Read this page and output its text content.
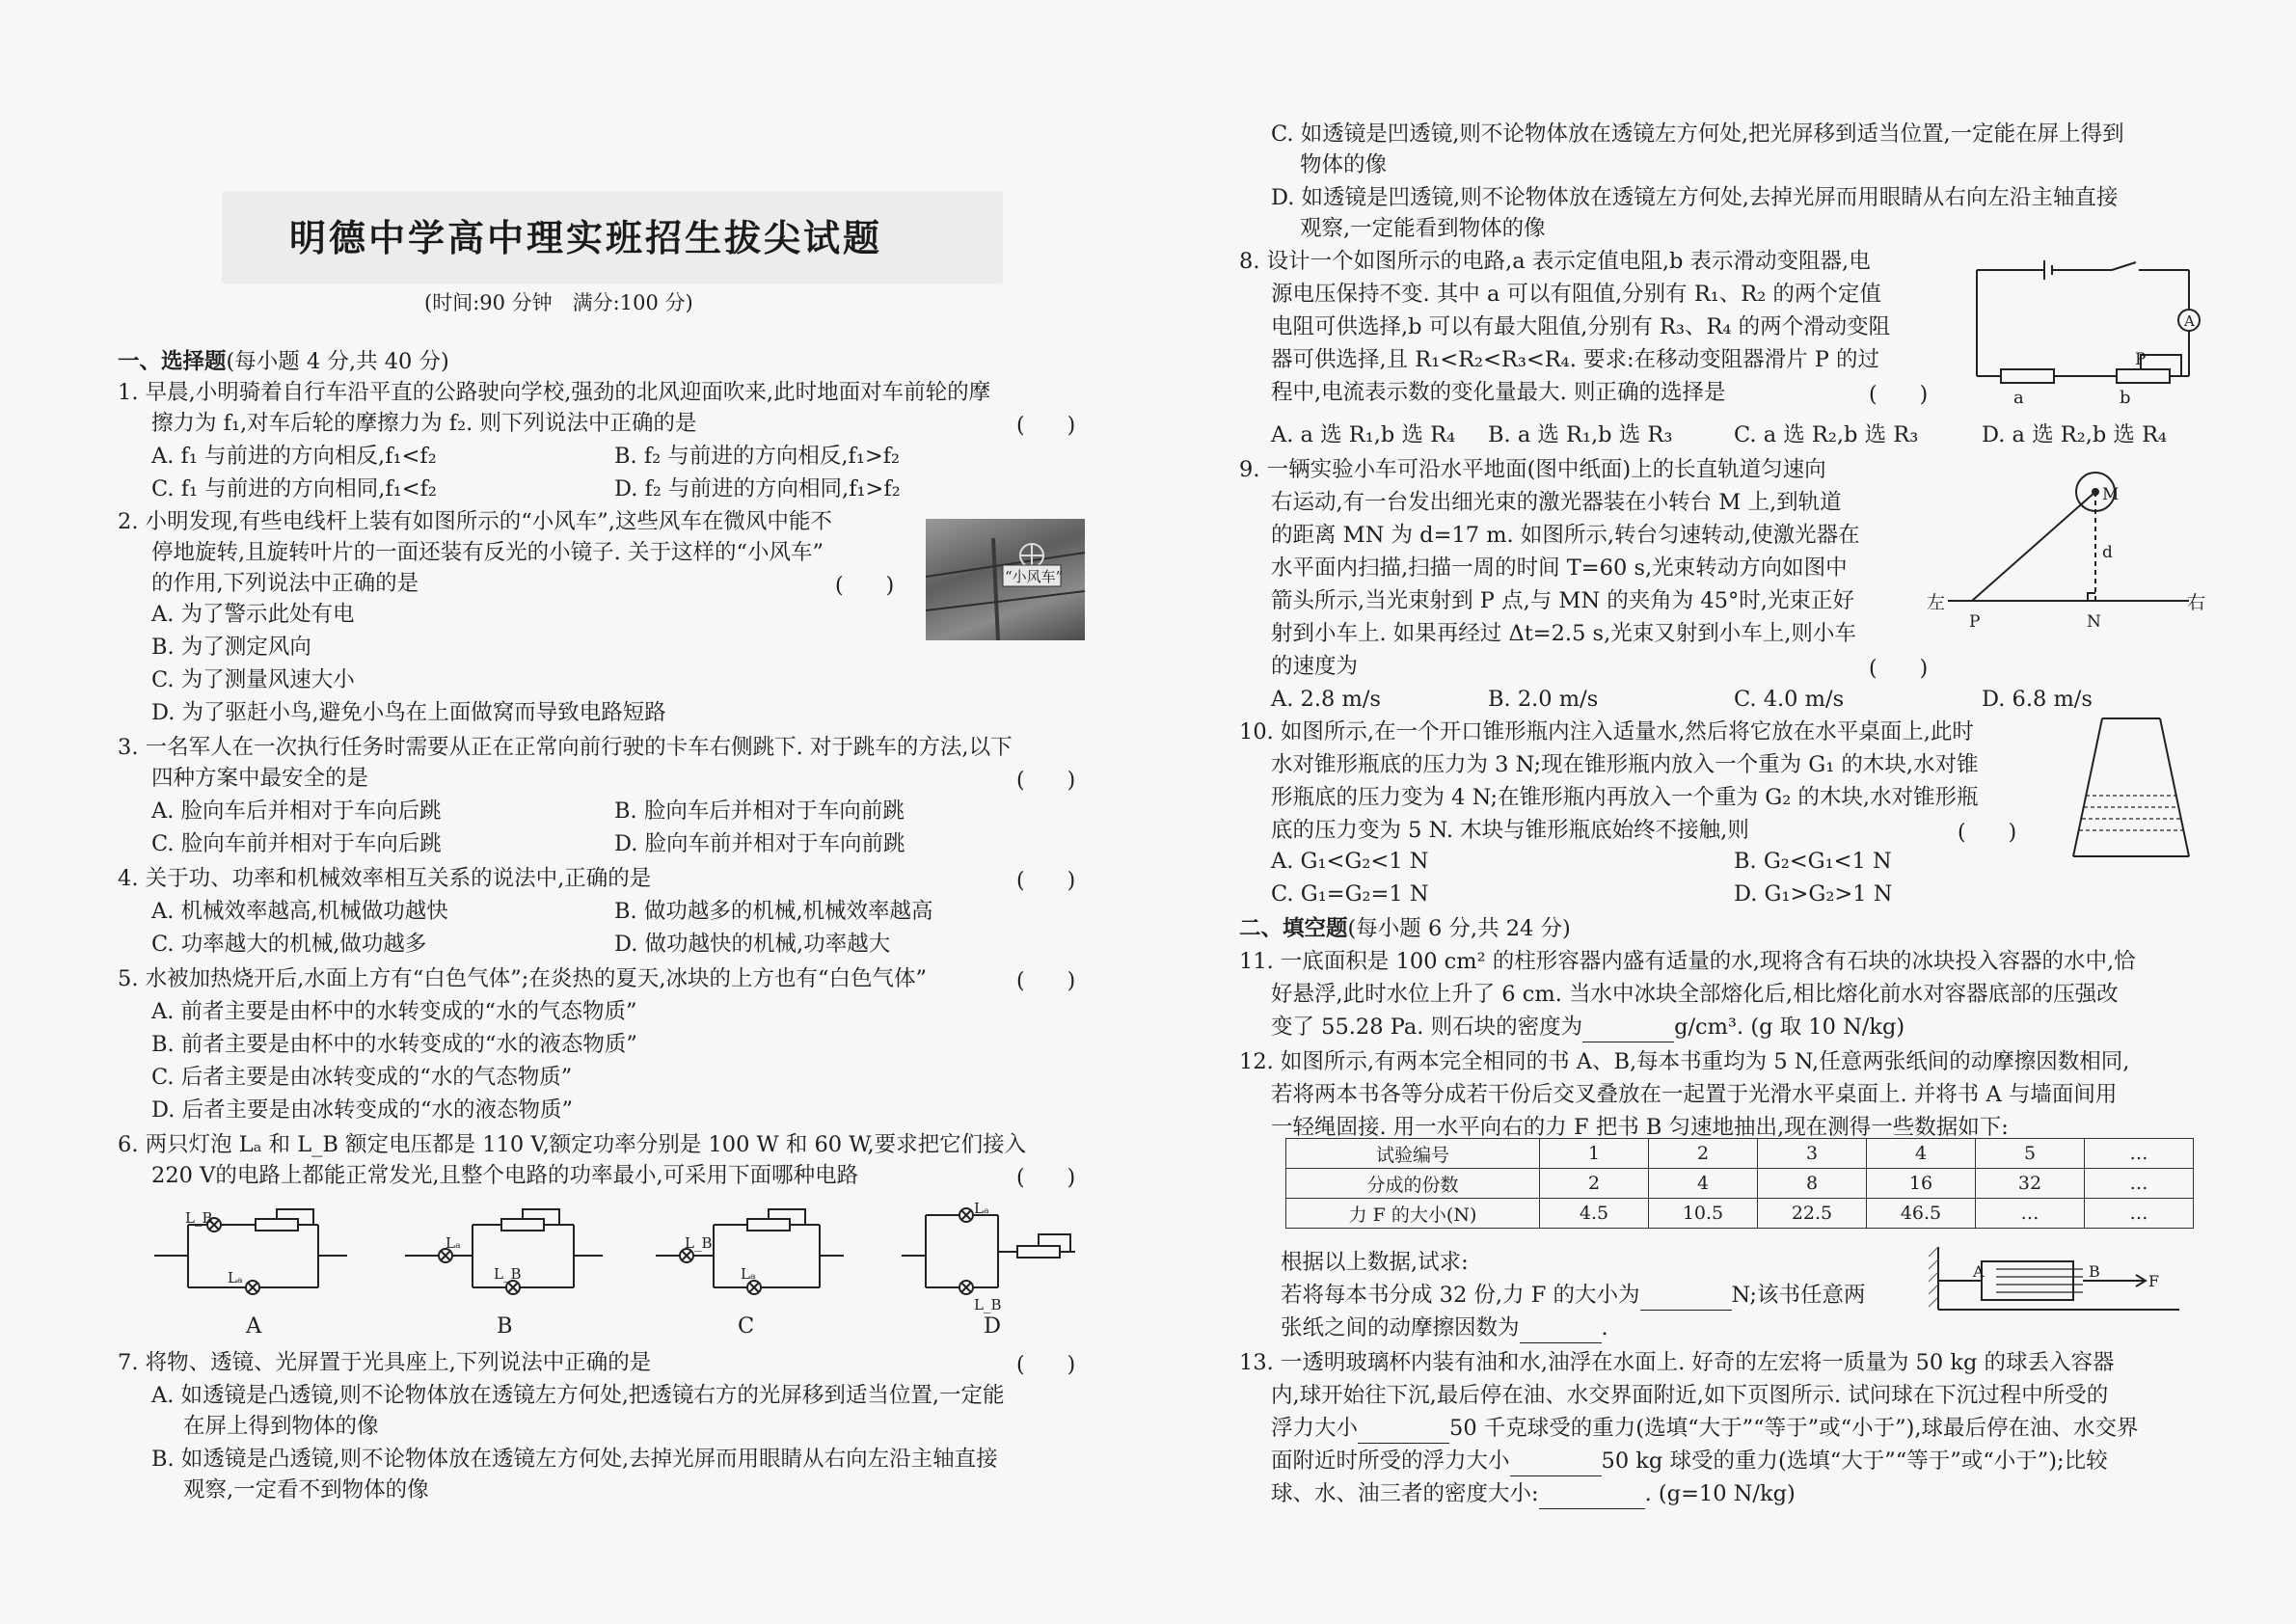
明德中学高中理实班招生拔尖试题
(时间:90 分钟　满分:100 分)
一、选择题(每小题 4 分,共 40 分)
1. 早晨,小明骑着自行车沿平直的公路驶向学校,强劲的北风迎面吹来,此时地面对车前轮的摩
擦力为 f₁,对车后轮的摩擦力为 f₂. 则下列说法中正确的是	(　　)
A. f₁ 与前进的方向相反,f₁<f₂	B. f₂ 与前进的方向相反,f₁>f₂
C. f₁ 与前进的方向相同,f₁<f₂	D. f₂ 与前进的方向相同,f₁>f₂
2. 小明发现,有些电线杆上装有如图所示的“小风车”,这些风车在微风中能不
停地旋转,且旋转叶片的一面还装有反光的小镜子. 关于这样的“小风车”
的作用,下列说法中正确的是	(　　)	“小风车”
A. 为了警示此处有电
B. 为了测定风向
C. 为了测量风速大小
D. 为了驱赶小鸟,避免小鸟在上面做窝而导致电路短路
3. 一名军人在一次执行任务时需要从正在正常向前行驶的卡车右侧跳下. 对于跳车的方法,以下
四种方案中最安全的是	(　　)
A. 脸向车后并相对于车向后跳	B. 脸向车后并相对于车向前跳
C. 脸向车前并相对于车向后跳	D. 脸向车前并相对于车向前跳
4. 关于功、功率和机械效率相互关系的说法中,正确的是	(　　)
A. 机械效率越高,机械做功越快	B. 做功越多的机械,机械效率越高
C. 功率越大的机械,做功越多	D. 做功越快的机械,功率越大
5. 水被加热烧开后,水面上方有“白色气体”;在炎热的夏天,冰块的上方也有“白色气体”	(　　)
A. 前者主要是由杯中的水转变成的“水的气态物质”
B. 前者主要是由杯中的水转变成的“水的液态物质”
C. 后者主要是由冰转变成的“水的气态物质”
D. 后者主要是由冰转变成的“水的液态物质”
6. 两只灯泡 Lₐ 和 L_B 额定电压都是 110 V,额定功率分别是 100 W 和 60 W,要求把它们接入
220 V的电路上都能正常发光,且整个电路的功率最小,可采用下面哪种电路	(　　)
L_B
Lₐ
Lₐ
L_B
L_B
Lₐ
Lₐ
L_B
A	B	C	D
7. 将物、透镜、光屏置于光具座上,下列说法中正确的是	(　　)
A. 如透镜是凸透镜,则不论物体放在透镜左方何处,把透镜右方的光屏移到适当位置,一定能
在屏上得到物体的像
B. 如透镜是凸透镜,则不论物体放在透镜左方何处,去掉光屏而用眼睛从右向左沿主轴直接
观察,一定看不到物体的像
C. 如透镜是凹透镜,则不论物体放在透镜左方何处,把光屏移到适当位置,一定能在屏上得到
物体的像
D. 如透镜是凹透镜,则不论物体放在透镜左方何处,去掉光屏而用眼睛从右向左沿主轴直接
观察,一定能看到物体的像
8. 设计一个如图所示的电路,a 表示定值电阻,b 表示滑动变阻器,电
源电压保持不变. 其中 a 可以有阻值,分别有 R₁、R₂ 的两个定值
电阻可供选择,b 可以有最大阻值,分别有 R₃、R₄ 的两个滑动变阻
器可供选择,且 R₁<R₂<R₃<R₄. 要求:在移动变阻器滑片 P 的过
程中,电流表示数的变化量最大. 则正确的选择是	(　　)
A. a 选 R₁,b 选 R₄ B. a 选 R₁,b 选 R₃	C. a 选 R₂,b 选 R₃	D. a 选 R₂,b 选 R₄
A
a	b
P
9. 一辆实验小车可沿水平地面(图中纸面)上的长直轨道匀速向
右运动,有一台发出细光束的激光器装在小转台 M 上,到轨道
的距离 MN 为 d=17 m. 如图所示,转台匀速转动,使激光器在
水平面内扫描,扫描一周的时间 T=60 s,光束转动方向如图中
箭头所示,当光束射到 P 点,与 MN 的夹角为 45°时,光束正好
射到小车上. 如果再经过 Δt=2.5 s,光束又射到小车上,则小车
的速度为	(　　)
A. 2.8 m/s	B. 2.0 m/s	C. 4.0 m/s	D. 6.8 m/s
左	右
M
N
P
d
10. 如图所示,在一个开口锥形瓶内注入适量水,然后将它放在水平桌面上,此时
水对锥形瓶底的压力为 3 N;现在锥形瓶内放入一个重为 G₁ 的木块,水对锥
形瓶底的压力变为 4 N;在锥形瓶内再放入一个重为 G₂ 的木块,水对锥形瓶
底的压力变为 5 N. 木块与锥形瓶底始终不接触,则	(　　)
A. G₁<G₂<1 N	B. G₂<G₁<1 N
C. G₁=G₂=1 N	D. G₁>G₂>1 N
二、填空题(每小题 6 分,共 24 分)
11. 一底面积是 100 cm² 的柱形容器内盛有适量的水,现将含有石块的冰块投入容器的水中,恰
好悬浮,此时水位上升了 6 cm. 当水中冰块全部熔化后,相比熔化前水对容器底部的压强改
变了 55.28 Pa. 则石块的密度为	g/cm³. (g 取 10 N/kg)
12. 如图所示,有两本完全相同的书 A、B,每本书重均为 5 N,任意两张纸间的动摩擦因数相同,
若将两本书各等分成若干份后交叉叠放在一起置于光滑水平桌面上. 并将书 A 与墙面间用
一轻绳固接. 用一水平向右的力 F 把书 B 匀速地抽出,现在测得一些数据如下:
试验编号	1	2	3	4	5	…
分成的份数	2	4	8	16	32	…
力 F 的大小(N)	4.5	10.5	22.5	46.5	…	…
根据以上数据,试求:
若将每本书分成 32 份,力 F 的大小为	N;该书任意两
张纸之间的动摩擦因数为	.
A	B
F
13. 一透明玻璃杯内装有油和水,油浮在水面上. 好奇的左宏将一质量为 50 kg 的球丢入容器
内,球开始往下沉,最后停在油、水交界面附近,如下页图所示. 试问球在下沉过程中所受的
浮力大小	50 千克球受的重力(选填“大于”“等于”或“小于”),球最后停在油、水交界
面附近时所受的浮力大小	50 kg 球受的重力(选填“大于”“等于”或“小于”);比较
球、水、油三者的密度大小:	. (g=10 N/kg)
